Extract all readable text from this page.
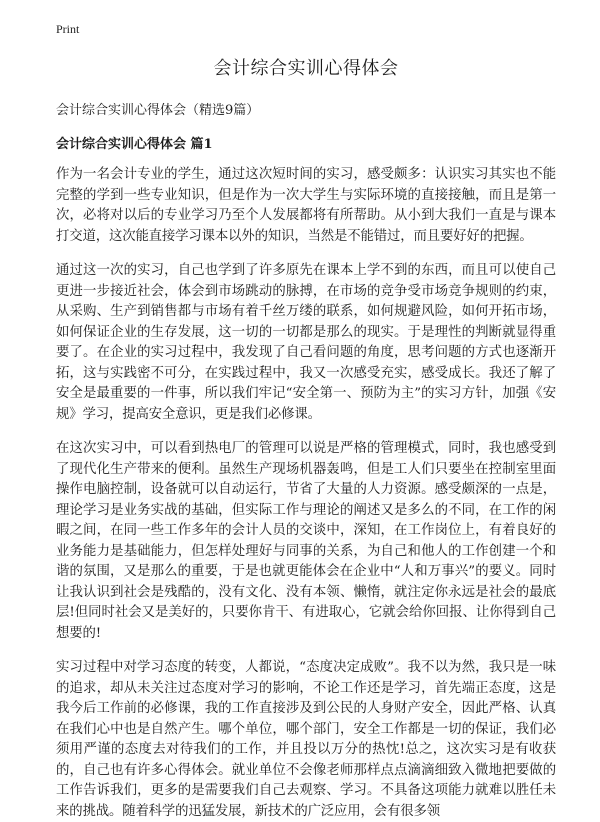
Print
会计综合实训心得体会
会计综合实训心得体会（精选9篇）
会计综合实训心得体会 篇1

作为一名会计专业的学生，通过这次短时间的实习，感受颇多：认识实习其实也不能完整的学到一些专业知识，但是作为一次大学生与实际环境的直接接触，而且是第一次，必将对以后的专业学习乃至个人发展都将有所帮助。从小到大我们一直是与课本打交道，这次能直接学习课本以外的知识，当然是不能错过，而且要好好的把握。

通过这一次的实习，自己也学到了许多原先在课本上学不到的东西，而且可以使自己更进一步接近社会，体会到市场跳动的脉搏，在市场的竞争受市场竞争规则的约束，从采购、生产到销售都与市场有着千丝万缕的联系，如何规避风险，如何开拓市场，如何保证企业的生存发展，这一切的一切都是那么的现实。于是理性的判断就显得重要了。在企业的实习过程中，我发现了自己看问题的角度，思考问题的方式也逐渐开拓，这与实践密不可分，在实践过程中，我又一次感受充实，感受成长。我还了解了安全是最重要的一件事，所以我们牢记“安全第一、预防为主”的实习方针，加强《安规》学习，提高安全意识，更是我们必修课。

在这次实习中，可以看到热电厂的管理可以说是严格的管理模式，同时，我也感受到了现代化生产带来的便利。虽然生产现场机器轰鸣，但是工人们只要坐在控制室里面操作电脑控制，设备就可以自动运行，节省了大量的人力资源。感受颇深的一点是，理论学习是业务实战的基础，但实际工作与理论的阐述又是多么的不同，在工作的闲暇之间，在同一些工作多年的会计人员的交谈中，深知，在工作岗位上，有着良好的业务能力是基础能力，但怎样处理好与同事的关系，为自己和他人的工作创建一个和谐的氛围，又是那么的重要，于是也就更能体会在企业中“人和万事兴”的要义。同时让我认识到社会是残酷的，没有文化、没有本领、懒惰，就注定你永远是社会的最底层!但同时社会又是美好的，只要你肯干、有进取心，它就会给你回报、让你得到自己想要的!

实习过程中对学习态度的转变，人都说，“态度决定成败”。我不以为然，我只是一味的追求，却从未关注过态度对学习的影响，不论工作还是学习，首先端正态度，这是我今后工作前的必修课，我的工作直接涉及到公民的人身财产安全，因此严格、认真在我们心中也是自然产生。哪个单位，哪个部门，安全工作都是一切的保证，我们必须用严谨的态度去对待我们的工作，并且投以万分的热忱!总之，这次实习是有收获的，自己也有许多心得体会。就业单位不会像老师那样点点滴滴细致入微地把要做的工作告诉我们，更多的是需要我们自己去观察、学习。不具备这项能力就难以胜任未来的挑战。随着科学的迅猛发展，新技术的广泛应用，会有很多领
